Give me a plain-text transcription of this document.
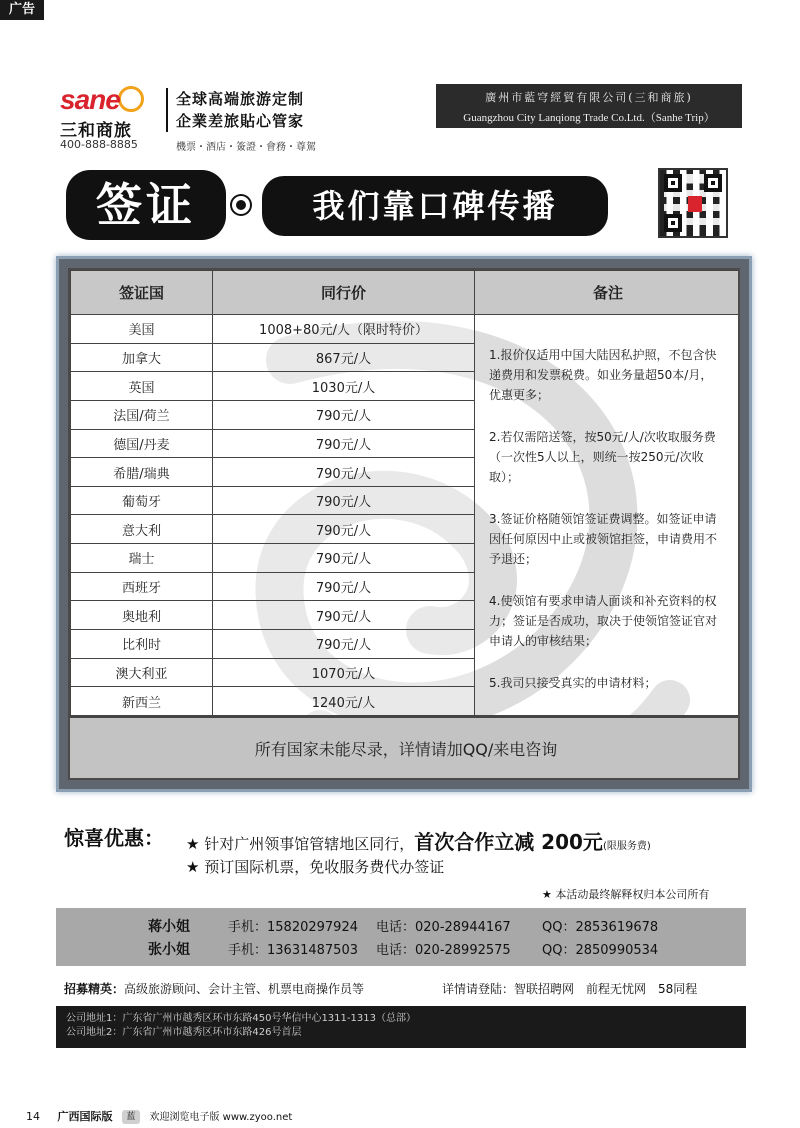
广告
sane
三和商旅
400-888-8885
全球高端旅游定制
企業差旅貼心管家
機票・酒店・簽證・會務・尊駕
廣州市藍穹經貿有限公司(三和商旅)
Guangzhou City Lanqiong Trade Co.Ltd.（Sanhe Trip）
签证	我们靠口碑传播
签证国	同行价	备注
美国	1008+80元/人（限时特价）	1.报价仅适用中国大陆因私护照，不包含快递费用和发票税费。如业务量超50本/月，优惠更多；

2.若仅需陪送签，按50元/人/次收取服务费（一次性5人以上，则统一按250元/次收取）；

3.签证价格随领馆签证费调整。如签证申请因任何原因中止或被领馆拒签，申请费用不予退还；

4.使领馆有要求申请人面谈和补充资料的权力；签证是否成功，取决于使领馆签证官对申请人的审核结果；

5.我司只接受真实的申请材料；

加拿大	867元/人	
英国	1030元/人	
法国/荷兰	790元/人	
德国/丹麦	790元/人	
希腊/瑞典	790元/人	
葡萄牙	790元/人	
意大利	790元/人	
瑞士	790元/人	
西班牙	790元/人	
奥地利	790元/人	
比利时	790元/人	
澳大利亚	1070元/人	
新西兰	1240元/人	
所有国家未能尽录，详情请加QQ/来电咨询
惊喜优惠： ★ 针对广州领事馆管辖地区同行，首次合作立减 200元(限服务费)
★ 预订国际机票，免收服务费代办签证
★ 本活动最终解释权归本公司所有
蒋小姐	手机：15820297924 电话：020-28944167 QQ：2853619678
张小姐	手机：13631487503 电话：020-28992575 QQ：2850990534
招募精英：高级旅游顾问、会计主管、机票电商操作员等	详情请登陆：智联招聘网　前程无忧网　58同程
公司地址1：广东省广州市越秀区环市东路450号华信中心1311-1313（总部）
公司地址2：广东省广州市越秀区环市东路426号首层
14 广西国际版	蓝	欢迎浏览电子版 www.zyoo.net
